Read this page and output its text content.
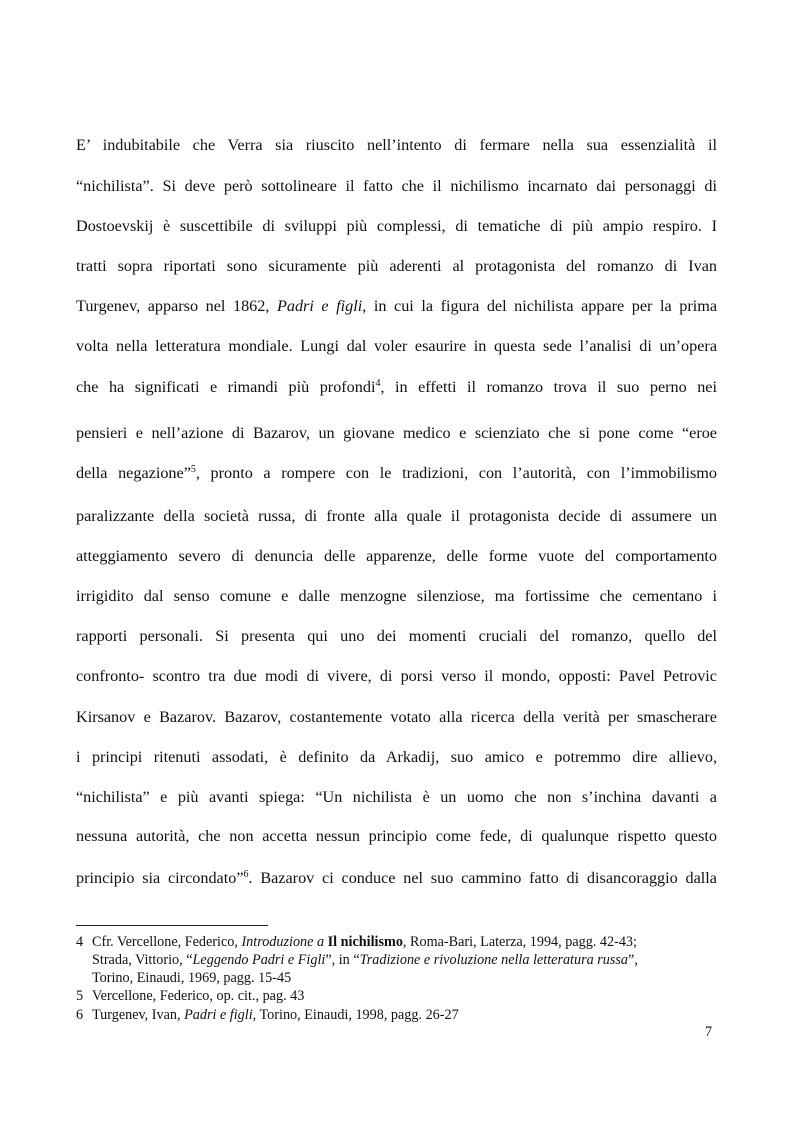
E’ indubitabile che Verra sia riuscito nell’intento di fermare nella sua essenzialità il

“nichilista”. Si deve però sottolineare il fatto che il nichilismo incarnato dai personaggi di

Dostoevskij è suscettibile di sviluppi più complessi, di tematiche di più ampio respiro. I

tratti sopra riportati sono sicuramente più aderenti al protagonista del romanzo di Ivan

Turgenev, apparso nel 1862, Padri e figli, in cui la figura del nichilista appare per la prima

volta nella letteratura mondiale. Lungi dal voler esaurire in questa sede l’analisi di un’opera

che ha significati e rimandi più profondi$^4$, in effetti il romanzo trova il suo perno nei

pensieri e nell’azione di Bazarov, un giovane medico e scienziato che si pone come “eroe

della negazione”$^5$, pronto a rompere con le tradizioni, con l’autorità, con l’immobilismo

paralizzante della società russa, di fronte alla quale il protagonista decide di assumere un

atteggiamento severo di denuncia delle apparenze, delle forme vuote del comportamento

irrigidito dal senso comune e dalle menzogne silenziose, ma fortissime che cementano i

rapporti personali. Si presenta qui uno dei momenti cruciali del romanzo, quello del

confronto- scontro tra due modi di vivere, di porsi verso il mondo, opposti: Pavel Petrovic

Kirsanov e Bazarov. Bazarov, costantemente votato alla ricerca della verità per smascherare

i principi ritenuti assodati, è definito da Arkadij, suo amico e potremmo dire allievo,

“nichilista” e più avanti spiega: “Un nichilista è un uomo che non s’inchina davanti a

nessuna autorità, che non accetta nessun principio come fede, di qualunque rispetto questo

principio sia circondato”$^6$. Bazarov ci conduce nel suo cammino fatto di disancoraggio dalla

4 Cfr. Vercellone, Federico, Introduzione a Il nichilismo, Roma-Bari, Laterza, 1994, pagg. 42-43;
Strada, Vittorio, “Leggendo Padri e Figli”, in “Tradizione e rivoluzione nella letteratura russa”,
Torino, Einaudi, 1969, pagg. 15-45
5 Vercellone, Federico, op. cit., pag. 43
6 Turgenev, Ivan, Padri e figli, Torino, Einaudi, 1998, pagg. 26-27
7
